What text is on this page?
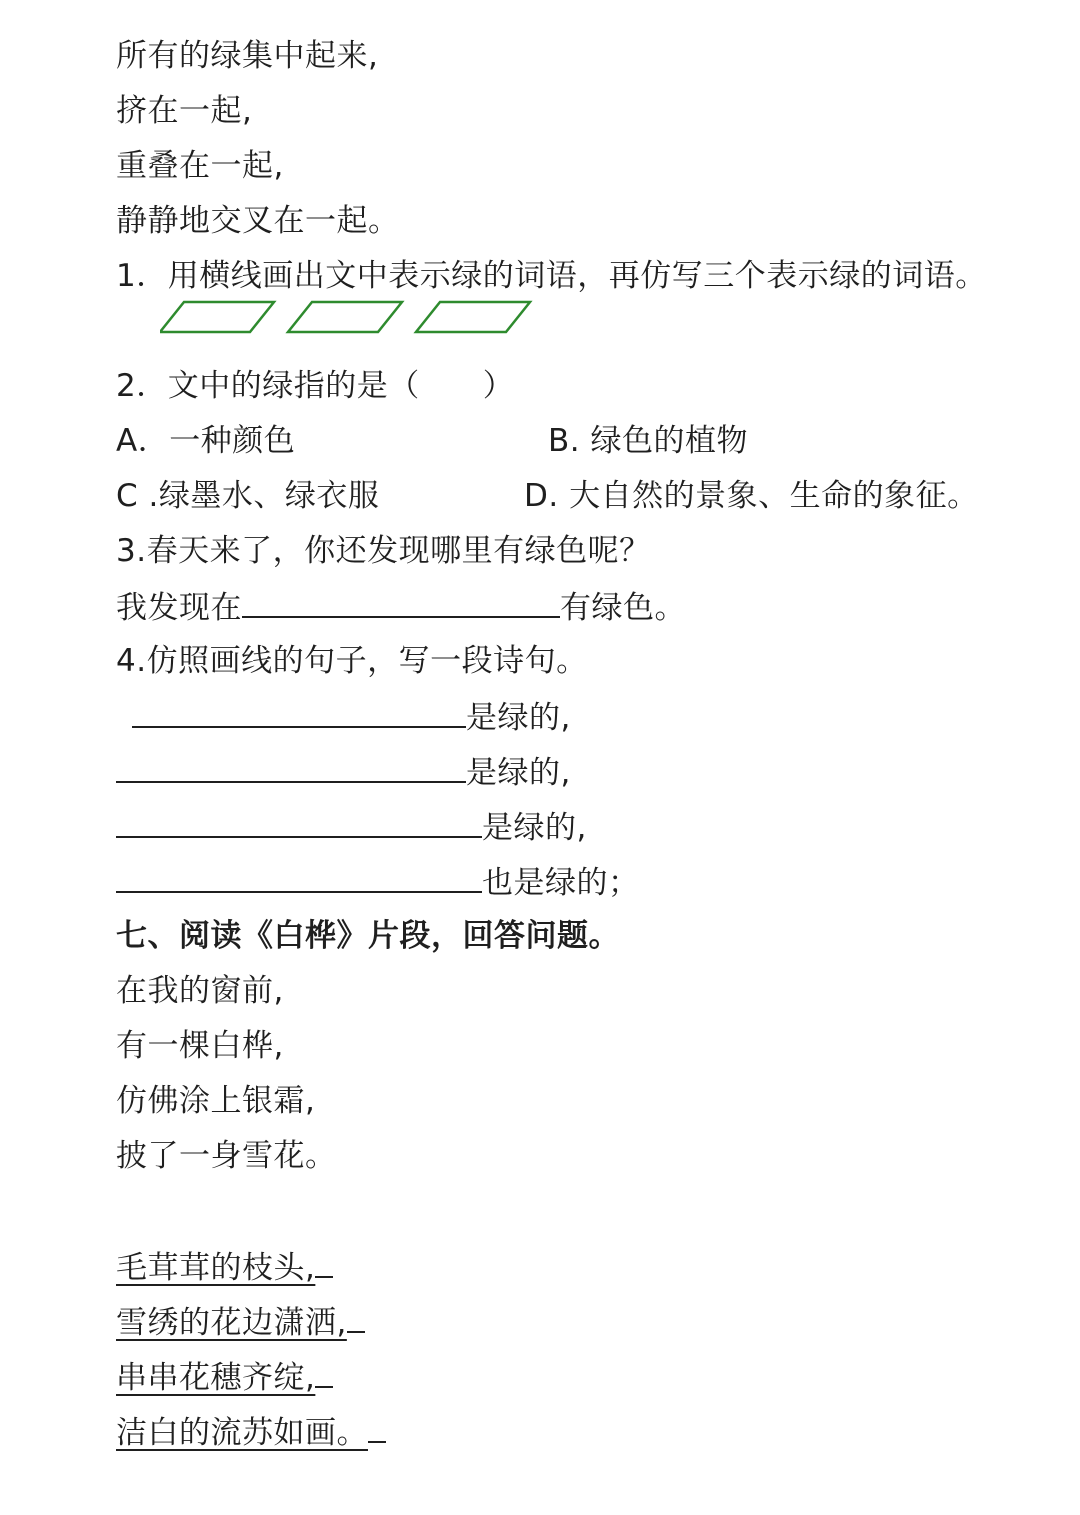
所有的绿集中起来,
挤在一起,
重叠在一起,
静静地交叉在一起。
1．用横线画出文中表示绿的词语，再仿写三个表示绿的词语。
2．文中的绿指的是（　　）
A．一种颜色	B. 绿色的植物
C .绿墨水、绿衣服	D. 大自然的景象、生命的象征。
3.春天来了，你还发现哪里有绿色呢？
我发现在	有绿色。
4.仿照画线的句子，写一段诗句。
是绿的,
是绿的,
是绿的,
也是绿的；
七、阅读《白桦》片段，回答问题。
在我的窗前,
有一棵白桦,
仿佛涂上银霜,
披了一身雪花。
毛茸茸的枝头,
雪绣的花边潇洒,
串串花穗齐绽,
洁白的流苏如画。
